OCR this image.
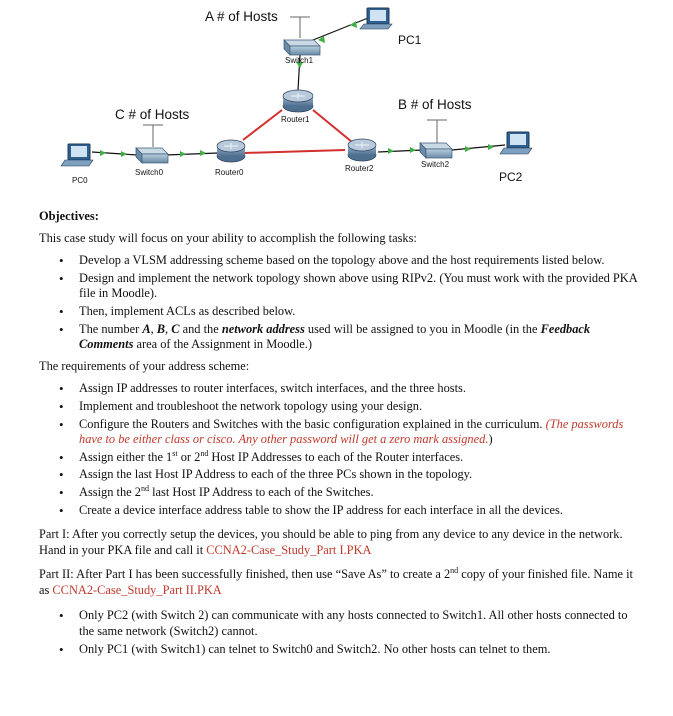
A # of Hosts
PC1
Switch1
Router1
C # of Hosts
B # of Hosts
PC0
Switch0	Router0	Router2	Switch2
PC2
Objectives:
This case study will focus on your ability to accomplish the following tasks:
• Develop a VLSM addressing scheme based on the topology above and the host requirements listed below.
• Design and implement the network topology shown above using RIPv2. (You must work with the provided PKA file in Moodle).
• Then, implement ACLs as described below.
• The number A, B, C and the network address used will be assigned to you in Moodle (in the Feedback Comments area of the Assignment in Moodle.)
The requirements of your address scheme:
• Assign IP addresses to router interfaces, switch interfaces, and the three hosts.
• Implement and troubleshoot the network topology using your design.
• Configure the Routers and Switches with the basic configuration explained in the curriculum. (The passwords have to be either class or cisco. Any other password will get a zero mark assigned.)
• Assign either the 1st or 2nd Host IP Addresses to each of the Router interfaces.
• Assign the last Host IP Address to each of the three PCs shown in the topology.
• Assign the 2nd last Host IP Address to each of the Switches.
• Create a device interface address table to show the IP address for each interface in all the devices.
Part I: After you correctly setup the devices, you should be able to ping from any device to any device in the network. Hand in your PKA file and call it CCNA2-Case_Study_Part I.PKA
Part II: After Part I has been successfully finished, then use “Save As” to create a 2nd copy of your finished file. Name it as CCNA2-Case_Study_Part II.PKA
• Only PC2 (with Switch 2) can communicate with any hosts connected to Switch1. All other hosts connected to the same network (Switch2) cannot.
• Only PC1 (with Switch1) can telnet to Switch0 and Switch2. No other hosts can telnet to them.
